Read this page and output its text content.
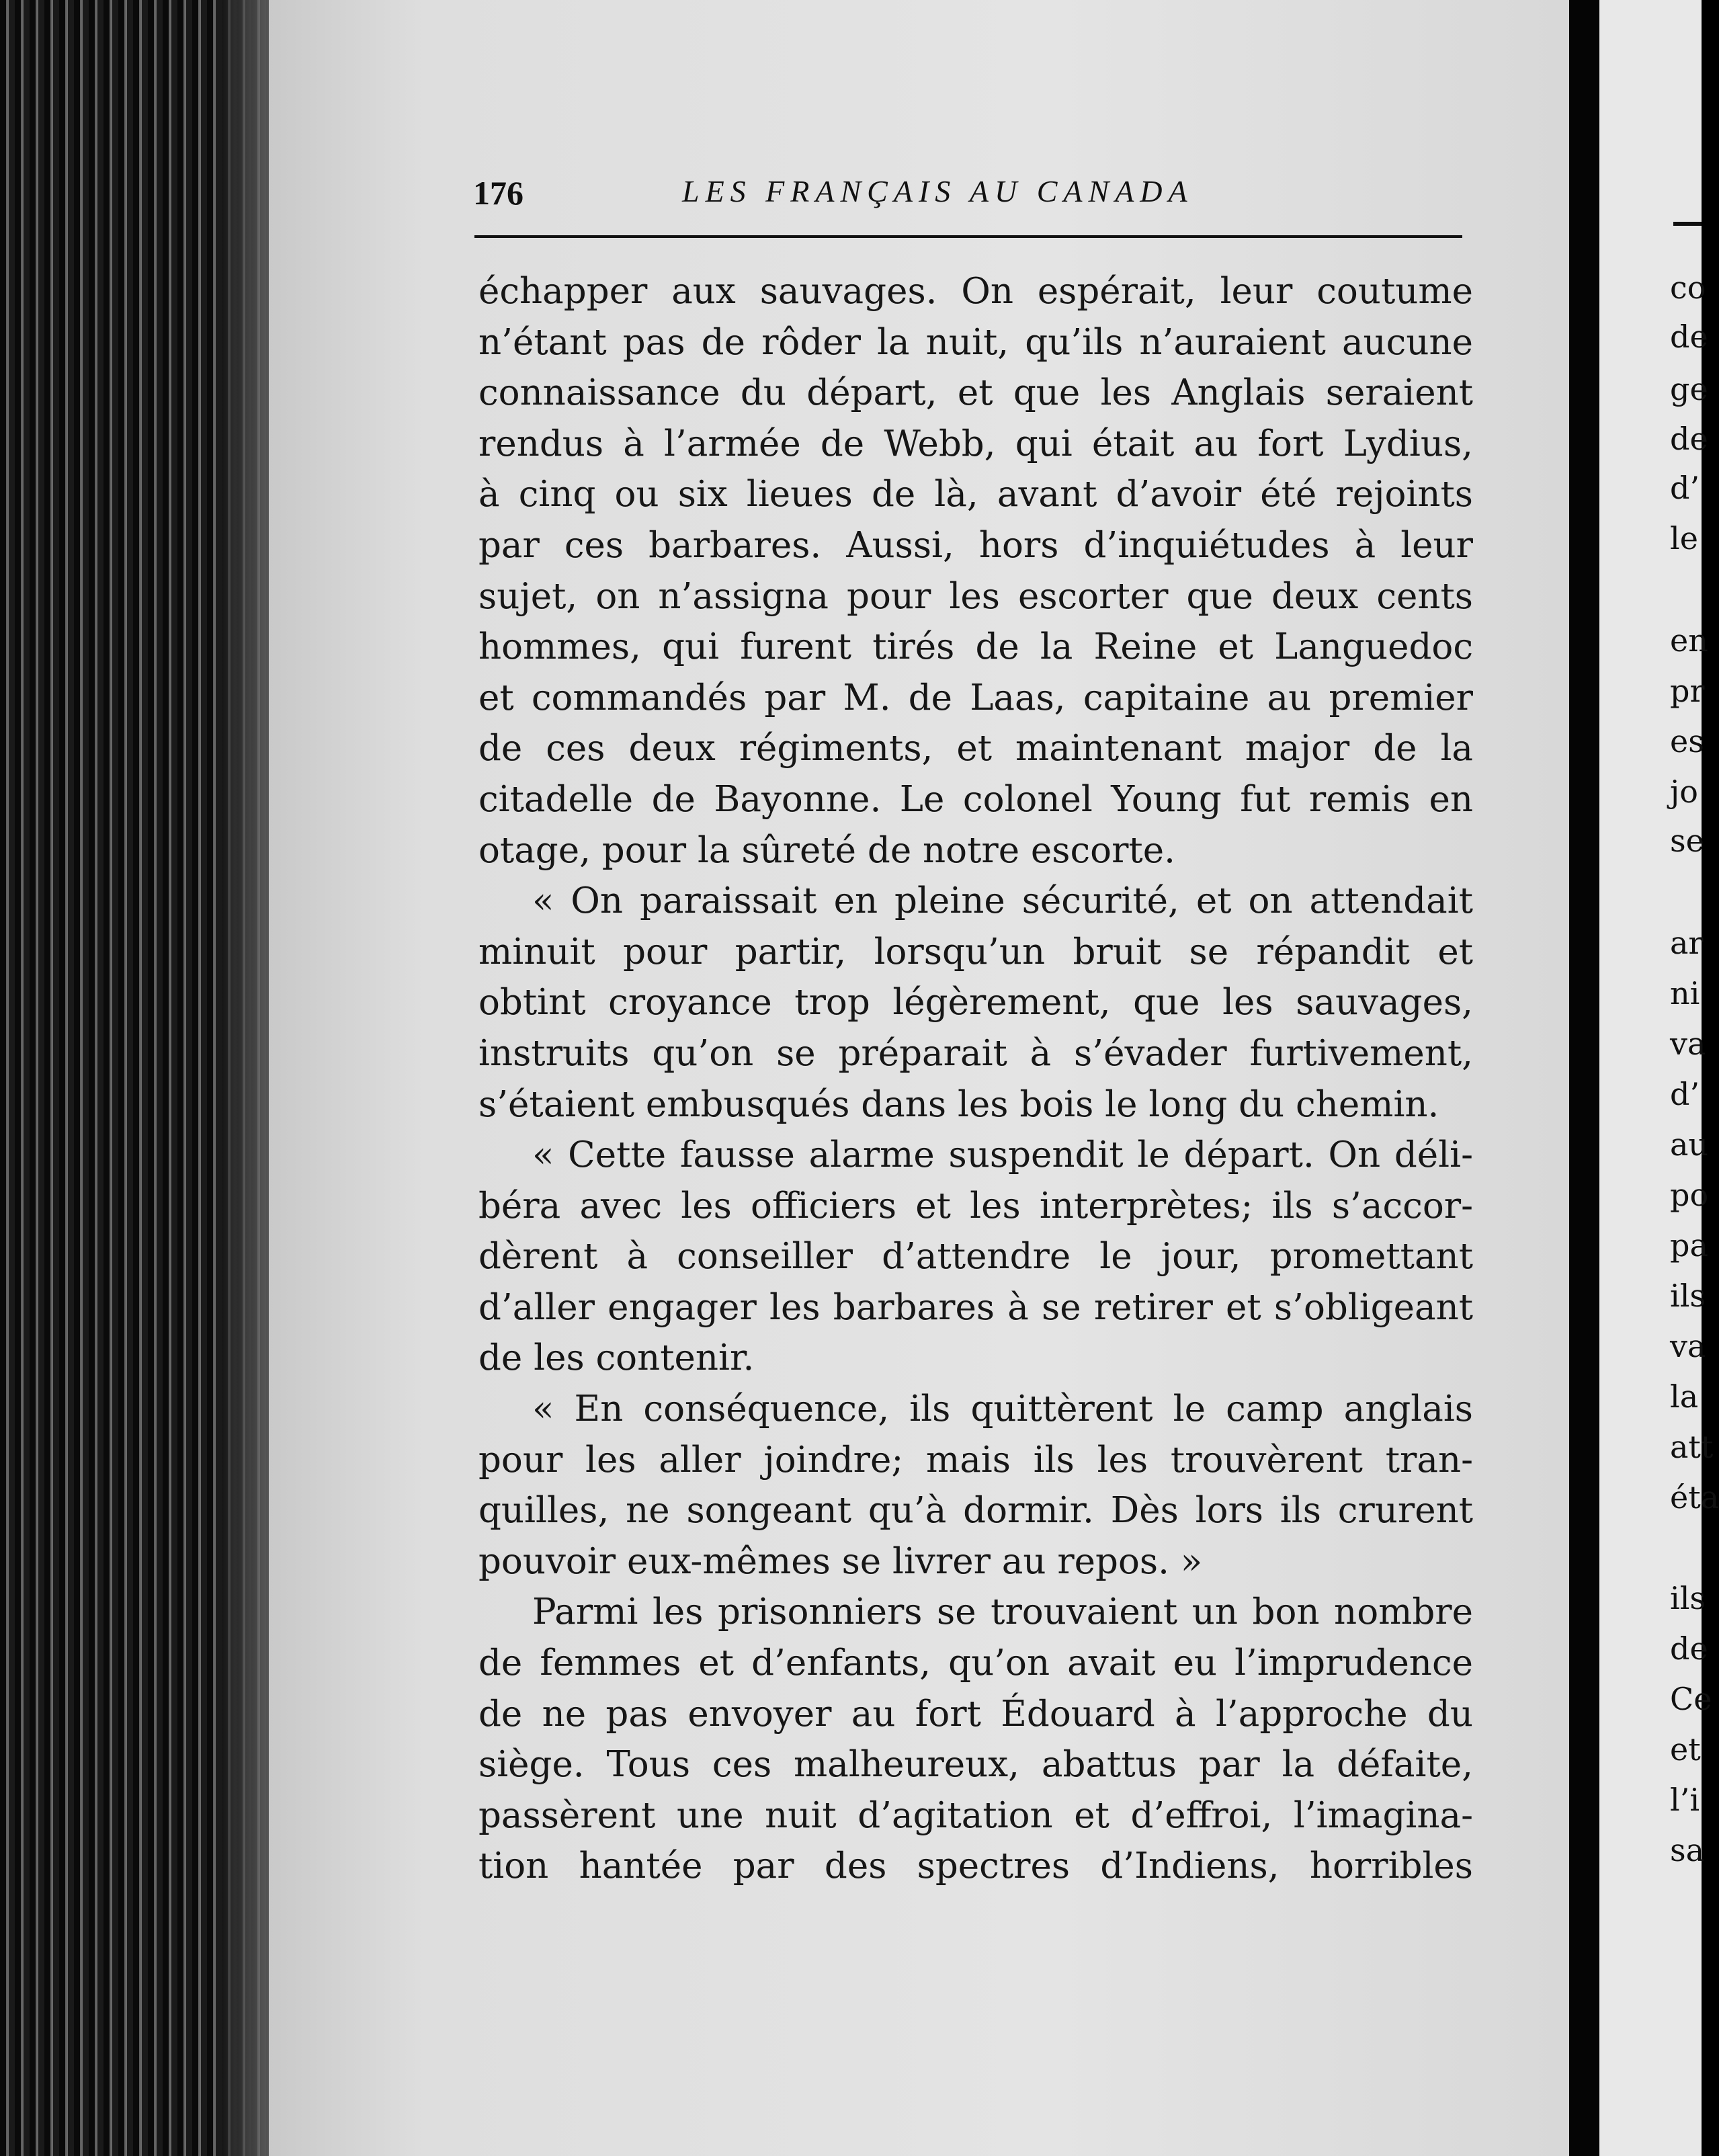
co
de
ge
de
d’
le
en
pr
es
jo
se
ar
ni
va
d’
au
po
pa
ils
va
la
att
éta
ils
de
Ce
et
l’i
sa
176	LES FRANÇAIS AU CANADA
échapper aux sauvages. On espérait, leur coutume
n’étant pas de rôder la nuit, qu’ils n’auraient aucune
connaissance du départ, et que les Anglais seraient
rendus à l’armée de Webb, qui était au fort Lydius,
à cinq ou six lieues de là, avant d’avoir été rejoints
par ces barbares. Aussi, hors d’inquiétudes à leur
sujet, on n’assigna pour les escorter que deux cents
hommes, qui furent tirés de la Reine et Languedoc
et commandés par M. de Laas, capitaine au premier
de ces deux régiments, et maintenant major de la
citadelle de Bayonne. Le colonel Young fut remis en
otage, pour la sûreté de notre escorte.
« On paraissait en pleine sécurité, et on attendait
minuit pour partir, lorsqu’un bruit se répandit et
obtint croyance trop légèrement, que les sauvages,
instruits qu’on se préparait à s’évader furtivement,
s’étaient embusqués dans les bois le long du chemin.
« Cette fausse alarme suspendit le départ. On déli-
béra avec les officiers et les interprètes; ils s’accor-
dèrent à conseiller d’attendre le jour, promettant
d’aller engager les barbares à se retirer et s’obligeant
de les contenir.
« En conséquence, ils quittèrent le camp anglais
pour les aller joindre; mais ils les trouvèrent tran-
quilles, ne songeant qu’à dormir. Dès lors ils crurent
pouvoir eux-mêmes se livrer au repos. »
Parmi les prisonniers se trouvaient un bon nombre
de femmes et d’enfants, qu’on avait eu l’imprudence
de ne pas envoyer au fort Édouard à l’approche du
siège. Tous ces malheureux, abattus par la défaite,
passèrent une nuit d’agitation et d’effroi, l’imagina-
tion hantée par des spectres d’Indiens, horribles
